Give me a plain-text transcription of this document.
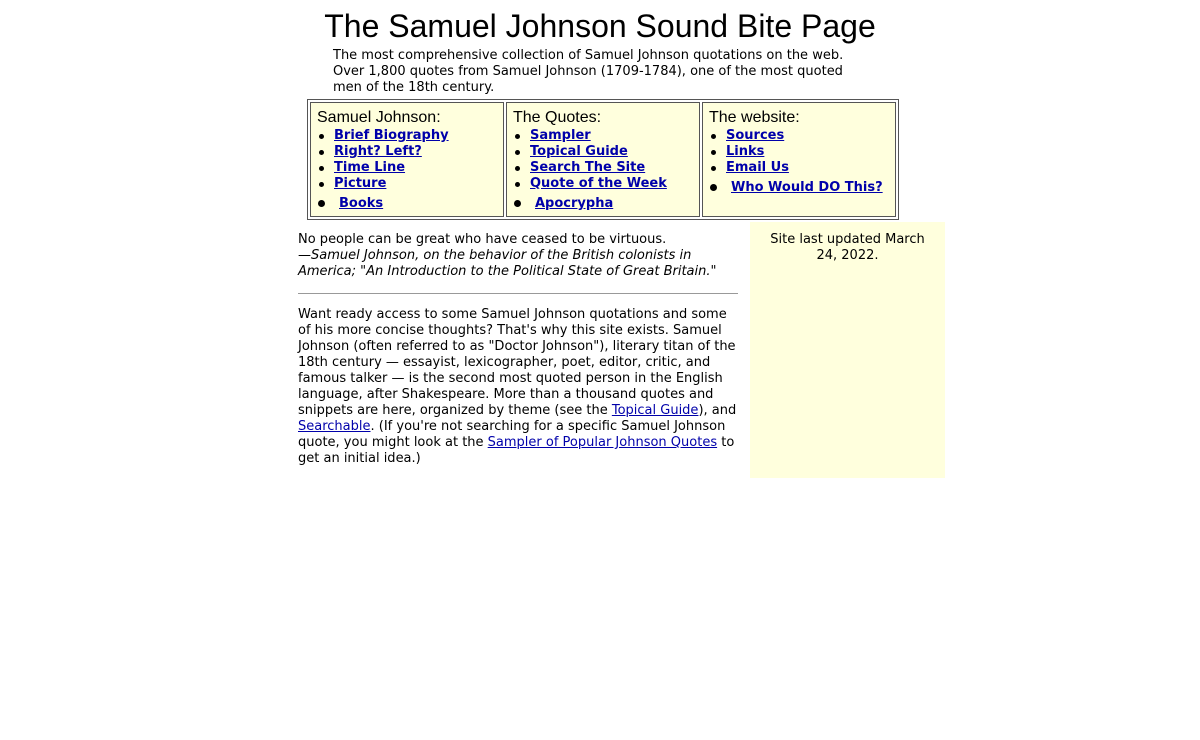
The Samuel Johnson Sound Bite Page

The most comprehensive collection of Samuel Johnson quotations on the web. Over 1,800 quotes from Samuel Johnson (1709-1784), one of the most quoted men of the 18th century.

Samuel Johnson:
Brief Biography
Right? Left?
Time Line
Picture
Books
The Quotes:
Sampler
Topical Guide
Search The Site
Quote of the Week
Apocrypha
The website:
Sources
Links
Email Us
Who Would DO This?

No people can be great who have ceased to be virtuous.

—Samuel Johnson, on the behavior of the British colonists in America; "An Introduction to the Political State of Great Britain."

Want ready access to some Samuel Johnson quotations and some of his more concise thoughts? That's why this site exists. Samuel Johnson (often referred to as "Doctor Johnson"), literary titan of the 18th century — essayist, lexicographer, poet, editor, critic, and famous talker — is the second most quoted person in the English language, after Shakespeare. More than a thousand quotes and snippets are here, organized by theme (see the Topical Guide), and Searchable. (If you're not searching for a specific Samuel Johnson quote, you might look at the Sampler of Popular Johnson Quotes to get an initial idea.)

Site last updated March 24, 2022.
